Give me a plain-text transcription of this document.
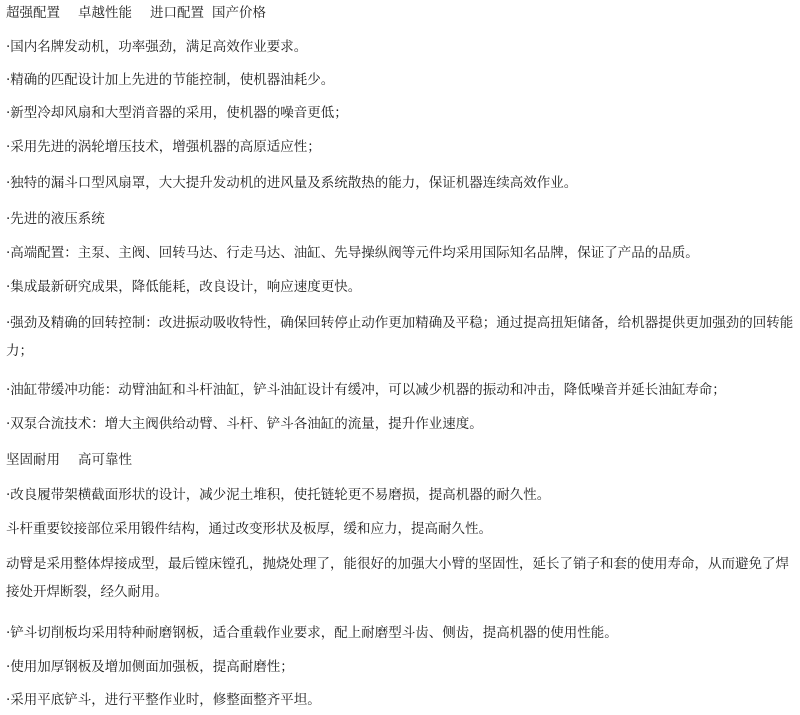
超强配置 卓越性能 进口配置 国产价格
·国内名牌发动机，功率强劲，满足高效作业要求。
·精确的匹配设计加上先进的节能控制，使机器油耗少。
·新型冷却风扇和大型消音器的采用，使机器的噪音更低；
·采用先进的涡轮增压技术，增强机器的高原适应性；
·独特的漏斗口型风扇罩，大大提升发动机的进风量及系统散热的能力，保证机器连续高效作业。
·先进的液压系统
·高端配置：主泵、主阀、回转马达、行走马达、油缸、先导操纵阀等元件均采用国际知名品牌，保证了产品的品质。
·集成最新研究成果，降低能耗，改良设计，响应速度更快。
·强劲及精确的回转控制：改进振动吸收特性，确保回转停止动作更加精确及平稳；通过提高扭矩储备，给机器提供更加强劲的回转能力；
·油缸带缓冲功能：动臂油缸和斗杆油缸，铲斗油缸设计有缓冲，可以减少机器的振动和冲击，降低噪音并延长油缸寿命；
·双泵合流技术：增大主阀供给动臂、斗杆、铲斗各油缸的流量，提升作业速度。
坚固耐用 高可靠性
·改良履带架横截面形状的设计，减少泥土堆积，使托链轮更不易磨损，提高机器的耐久性。
斗杆重要铰接部位采用锻件结构，通过改变形状及板厚，缓和应力，提高耐久性。
动臂是采用整体焊接成型，最后镗床镗孔，抛烧处理了，能很好的加强大小臂的坚固性，延长了销子和套的使用寿命，从而避免了焊接处开焊断裂，经久耐用。
·铲斗切削板均采用特种耐磨钢板，适合重载作业要求，配上耐磨型斗齿、侧齿，提高机器的使用性能。
·使用加厚钢板及增加侧面加强板，提高耐磨性；
·采用平底铲斗，进行平整作业时，修整面整齐平坦。
